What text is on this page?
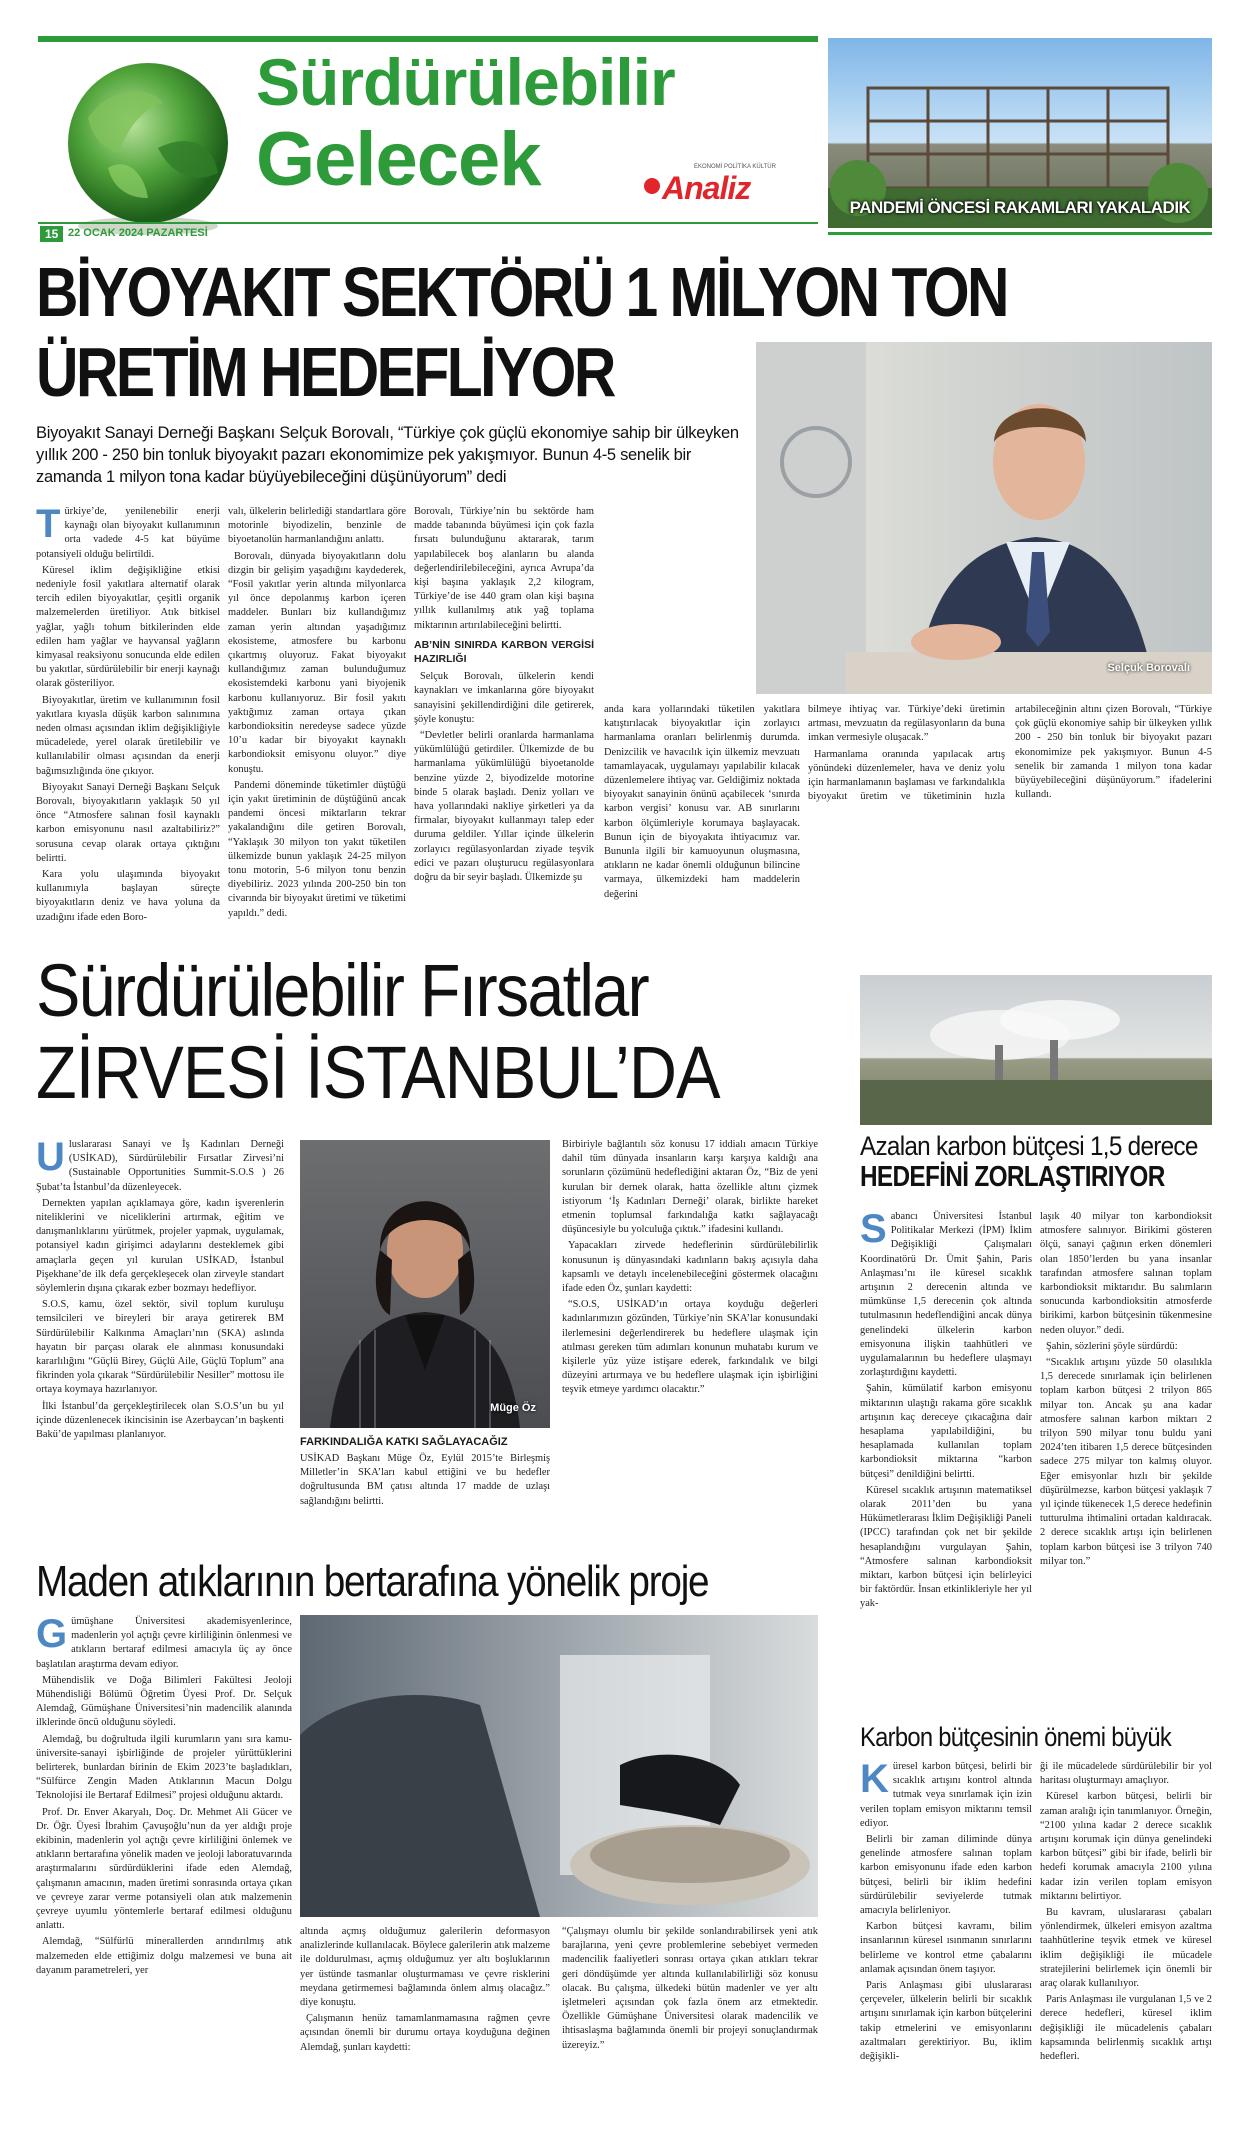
Sürdürülebilir
Gelecek	EKONOMİ POLİTİKA KÜLTÜR
Analiz
15 22 OCAK 2024 PAZARTESİ
PANDEMİ ÖNCESİ RAKAMLARI YAKALADIK
BİYOYAKIT SEKTÖRÜ 1 MİLYON TON
ÜRETİM HEDEFLİYOR
Biyoyakıt Sanayi Derneği Başkanı Selçuk Borovalı, “Türkiye çok güçlü ekonomiye sahip bir ülkeyken yıllık 200 - 250 bin tonluk biyoyakıt pazarı ekonomimize pek yakışmıyor. Bunun 4-5 senelik bir zamanda 1 milyon tona kadar büyüyebileceğini düşünüyorum” dedi
Selçuk Borovalı
T ürkiye’de, yenilenebilir enerji kaynağı olan biyoyakıt kullanımının orta vadede 4-5 kat büyüme potansiyeli olduğu belirtildi.

Küresel iklim değişikliğine etkisi nedeniyle fosil yakıtlara alternatif olarak tercih edilen biyoyakıtlar, çeşitli organik malzemelerden üretiliyor. Atık bitkisel yağlar, yağlı tohum bitkilerinden elde edilen ham yağlar ve hayvansal yağların kimyasal reaksiyonu sonucunda elde edilen bu yakıtlar, sürdürülebilir bir enerji kaynağı olarak gösteriliyor.

Biyoyakıtlar, üretim ve kullanımının fosil yakıtlara kıyasla düşük karbon salınımına neden olması açısından iklim değişikliğiyle mücadelede, yerel olarak üretilebilir ve kullanılabilir olması açısından da enerji bağımsızlığında öne çıkıyor.

Biyoyakıt Sanayi Derneği Başkanı Selçuk Borovalı, biyoyakıtların yaklaşık 50 yıl önce “Atmosfere salınan fosil kaynaklı karbon emisyonunu nasıl azaltabiliriz?” sorusuna cevap olarak ortaya çıktığını belirtti.

Kara yolu ulaşımında biyoyakıt kullanımıyla başlayan süreçte biyoyakıtların deniz ve hava yoluna da uzadığını ifade eden Boro-

valı, ülkelerin belirlediği standartlara göre motorinle biyodizelin, benzinle de biyoetanolün harmanlandığını anlattı.

Borovalı, dünyada biyoyakıtların dolu dizgin bir gelişim yaşadığını kaydederek, “Fosil yakıtlar yerin altında milyonlarca yıl önce depolanmış karbon içeren maddeler. Bunları biz kullandığımız zaman yerin altından yaşadığımız ekosisteme, atmosfere bu karbonu çıkartmış oluyoruz. Fakat biyoyakıt kullandığımız zaman bulunduğumuz ekosistemdeki karbonu yani biyojenik karbonu kullanıyoruz. Bir fosil yakıtı yaktığımız zaman ortaya çıkan karbondioksitin neredeyse sadece yüzde 10’u kadar bir biyoyakıt kaynaklı karbondioksit emisyonu oluyor.” diye konuştu.

Pandemi döneminde tüketimler düştüğü için yakıt üretiminin de düştüğünü ancak pandemi öncesi miktarların tekrar yakalandığını dile getiren Borovalı, “Yaklaşık 30 milyon ton yakıt tüketilen ülkemizde bunun yaklaşık 24-25 milyon tonu motorin, 5-6 milyon tonu benzin diyebiliriz. 2023 yılında 200-250 bin ton civarında bir biyoyakıt üretimi ve tüketimi yapıldı.” dedi.

Borovalı, Türkiye’nin bu sektörde ham madde tabanında büyümesi için çok fazla fırsatı bulunduğunu aktararak, tarım yapılabilecek boş alanların bu alanda değerlendirilebileceğini, ayrıca Avrupa’da kişi başına yaklaşık 2,2 kilogram, Türkiye’de ise 440 gram olan kişi başına yıllık kullanılmış atık yağ toplama miktarının artırılabileceğini belirtti.

AB’NİN SINIRDA KARBON VERGİSİ HAZIRLIĞI

Selçuk Borovalı, ülkelerin kendi kaynakları ve imkanlarına göre biyoyakıt sanayisini şekillendirdiğini dile getirerek, şöyle konuştu:

“Devletler belirli oranlarda harmanlama yükümlülüğü getirdiler. Ülkemizde de bu harmanlama yükümlülüğü biyoetanolde benzine yüzde 2, biyodizelde motorine binde 5 olarak başladı. Deniz yolları ve hava yollarındaki nakliye şirketleri ya da firmalar, biyoyakıt kullanmayı talep eder duruma geldiler. Yıllar içinde ülkelerin zorlayıcı regülasyonlardan ziyade teşvik edici ve pazarı oluşturucu regülasyonlara doğru da bir seyir başladı. Ülkemizde şu

anda kara yollarındaki tüketilen yakıtlara katıştırılacak biyoyakıtlar için zorlayıcı harmanlama oranları belirlenmiş durumda. Denizcilik ve havacılık için ülkemiz mevzuatı tamamlayacak, uygulamayı yapılabilir kılacak düzenlemelere ihtiyaç var. Geldiğimiz noktada biyoyakıt sanayinin önünü açabilecek ‘sınırda karbon vergisi’ konusu var. AB sınırlarını karbon ölçümleriyle korumaya başlayacak. Bunun için de biyoyakıta ihtiyacımız var. Bununla ilgili bir kamuoyunun oluşmasına, atıkların ne kadar önemli olduğunun bilincine varmaya, ülkemizdeki ham maddelerin değerini

bilmeye ihtiyaç var. Türkiye’deki üretimin artması, mevzuatın da regülasyonların da buna imkan vermesiyle oluşacak.”

Harmanlama oranında yapılacak artış yönündeki düzenlemeler, hava ve deniz yolu için harmanlamanın başlaması ve farkındalıkla biyoyakıt üretim ve tüketiminin hızla artabileceğinin altını çizen Borovalı, “Türkiye çok güçlü ekonomiye sahip bir ülkeyken yıllık 200 - 250 bin tonluk bir biyoyakıt pazarı ekonomimize pek yakışmıyor. Bunun 4-5 senelik bir zamanda 1 milyon tona kadar büyüyebileceğini düşünüyorum.” ifadelerini kullandı.

Sürdürülebilir Fırsatlar
ZİRVESİ İSTANBUL’DA
U luslararası Sanayi ve İş Kadınları Derneği (USİKAD), Sürdürülebilir Fırsatlar Zirvesi’ni (Sustainable Opportunities Summit-S.O.S ) 26 Şubat’ta İstanbul’da düzenleyecek.

Dernekten yapılan açıklamaya göre, kadın işverenlerin niteliklerini ve niceliklerini artırmak, eğitim ve danışmanlıklarını yürütmek, projeler yapmak, uygulamak, potansiyel kadın girişimci adaylarını desteklemek gibi amaçlarla geçen yıl kurulan USİKAD, İstanbul Pişekhane’de ilk defa gerçekleşecek olan zirveyle standart söylemlerin dışına çıkarak ezber bozmayı hedefliyor.

S.O.S, kamu, özel sektör, sivil toplum kuruluşu temsilcileri ve bireyleri bir araya getirerek BM Sürdürülebilir Kalkınma Amaçları’nın (SKA) aslında hayatın bir parçası olarak ele alınması konusundaki kararlılığını “Güçlü Birey, Güçlü Aile, Güçlü Toplum” ana fikrinden yola çıkarak “Sürdürülebilir Nesiller” mottosu ile ortaya koymaya hazırlanıyor.

İlki İstanbul’da gerçekleştirilecek olan S.O.S’un bu yıl içinde düzenlenecek ikincisinin ise Azerbaycan’ın başkenti Bakü’de yapılması planlanıyor.

Müge Öz
FARKINDALIĞA KATKI SAĞLAYACAĞIZ

USİKAD Başkanı Müge Öz, Eylül 2015’te Birleşmiş Milletler’in SKA’ları kabul ettiğini ve bu hedefler doğrultusunda BM çatısı altında 17 madde de uzlaşı sağlandığını belirtti.

Birbiriyle bağlantılı söz konusu 17 iddialı amacın Türkiye dahil tüm dünyada insanların karşı karşıya kaldığı ana sorunların çözümünü hedeflediğini aktaran Öz, “Biz de yeni kurulan bir dernek olarak, hatta özellikle altını çizmek istiyorum ‘İş Kadınları Derneği’ olarak, birlikte hareket etmenin toplumsal farkındalığa katkı sağlayacağı düşüncesiyle bu yolculuğa çıktık.” ifadesini kullandı.

Yapacakları zirvede hedeflerinin sürdürülebilirlik konusunun iş dünyasındaki kadınların bakış açısıyla daha kapsamlı ve detaylı incelenebileceğini göstermek olacağını ifade eden Öz, şunları kaydetti:

“S.O.S, USİKAD’ın ortaya koyduğu değerleri kadınlarımızın gözünden, Türkiye’nin SKA’lar konusundaki ilerlemesini değerlendirerek bu hedeflere ulaşmak için atılması gereken tüm adımları konunun muhatabı kurum ve kişilerle yüz yüze istişare ederek, farkındalık ve bilgi düzeyini artırmaya ve bu hedeflere ulaşmak için işbirliğini teşvik etmeye yardımcı olacaktır.”

Azalan karbon bütçesi 1,5 derece
HEDEFİNİ ZORLAŞTIRIYOR
S abancı Üniversitesi İstanbul Politikalar Merkezi (İPM) İklim Değişikliği Çalışmaları Koordinatörü Dr. Ümit Şahin, Paris Anlaşması’nı ile küresel sıcaklık artışının 2 derecenin altında ve mümkünse 1,5 derecenin çok altında tutulmasının hedeflendiğini ancak dünya genelindeki ülkelerin karbon emisyonuna ilişkin taahhütleri ve uygulamalarının bu hedeflere ulaşmayı zorlaştırdığını kaydetti.

Şahin, kümülatif karbon emisyonu miktarının ulaştığı rakama göre sıcaklık artışının kaç dereceye çıkacağına dair hesaplama yapılabildiğini, bu hesaplamada kullanılan toplam karbondioksit miktarına “karbon bütçesi” denildiğini belirtti.

Küresel sıcaklık artışının matematiksel olarak 2011’den bu yana Hükümetlerarası İklim Değişikliği Paneli (IPCC) tarafından çok net bir şekilde hesaplandığını vurgulayan Şahin, “Atmosfere salınan karbondioksit miktarı, karbon bütçesi için belirleyici bir faktördür. İnsan etkinlikleriyle her yıl yak-

laşık 40 milyar ton karbondioksit atmosfere salınıyor. Birikimi gösteren ölçü, sanayi çağının erken dönemleri olan 1850’lerden bu yana insanlar tarafından atmosfere salınan toplam karbondioksit miktarıdır. Bu salımların sonucunda karbondioksitin atmosferde birikimi, karbon bütçesinin tükenmesine neden oluyor.” dedi.

Şahin, sözlerini şöyle sürdürdü:

“Sıcaklık artışını yüzde 50 olasılıkla 1,5 derecede sınırlamak için belirlenen toplam karbon bütçesi 2 trilyon 865 milyar ton. Ancak şu ana kadar atmosfere salınan karbon miktarı 2 trilyon 590 milyar tonu buldu yani 2024’ten itibaren 1,5 derece bütçesinden sadece 275 milyar ton kalmış oluyor. Eğer emisyonlar hızlı bir şekilde düşürülmezse, karbon bütçesi yaklaşık 7 yıl içinde tükenecek 1,5 derece hedefinin tutturulma ihtimalini ortadan kaldıracak. 2 derece sıcaklık artışı için belirlenen toplam karbon bütçesi ise 3 trilyon 740 milyar ton.”

Maden atıklarının bertarafına yönelik proje
G ümüşhane Üniversitesi akademisyenlerince, madenlerin yol açtığı çevre kirliliğinin önlenmesi ve atıkların bertaraf edilmesi amacıyla üç ay önce başlatılan araştırma devam ediyor.

Mühendislik ve Doğa Bilimleri Fakültesi Jeoloji Mühendisliği Bölümü Öğretim Üyesi Prof. Dr. Selçuk Alemdağ, Gümüşhane Üniversitesi’nin madencilik alanında ilklerinde öncü olduğunu söyledi.

Alemdağ, bu doğrultuda ilgili kurumların yanı sıra kamu-üniversite-sanayi işbirliğinde de projeler yürüttüklerini belirterek, bunlardan birinin de Ekim 2023’te başladıkları, “Sülfürce Zengin Maden Atıklarının Macun Dolgu Teknolojisi ile Bertaraf Edilmesi” projesi olduğunu aktardı.

Prof. Dr. Enver Akaryalı, Doç. Dr. Mehmet Ali Gücer ve Dr. Öğr. Üyesi İbrahim Çavuşoğlu’nun da yer aldığı proje ekibinin, madenlerin yol açtığı çevre kirliliğini önlemek ve atıkların bertarafına yönelik maden ve jeoloji laboratuvarında araştırmalarını sürdürdüklerini ifade eden Alemdağ, çalışmanın amacının, maden üretimi sonrasında ortaya çıkan ve çevreye zarar verme potansiyeli olan atık malzemenin çevreye uyumlu yöntemlerle bertaraf edilmesi olduğunu anlattı.

Alemdağ, “Sülfürlü minerallerden arındırılmış atık malzemeden elde ettiğimiz dolgu malzemesi ve buna ait dayanım parametreleri, yer

altında açmış olduğumuz galerilerin deformasyon analizlerinde kullanılacak. Böylece galerilerin atık malzeme ile doldurulması, açmış olduğumuz yer altı boşluklarının yer üstünde tasmanlar oluşturmaması ve çevre risklerini meydana getirmemesi bağlamında önlem almış olacağız.” diye konuştu.

Çalışmanın henüz tamamlanmamasına rağmen çevre açısından önemli bir durumu ortaya koyduğuna değinen Alemdağ, şunları kaydetti:

“Çalışmayı olumlu bir şekilde sonlandırabilirsek yeni atık barajlarına, yeni çevre problemlerine sebebiyet vermeden madencilik faaliyetleri sonrası ortaya çıkan atıkları tekrar geri döndüşümde yer altında kullanılabilirliği söz konusu olacak. Bu çalışma, ülkedeki bütün madenler ve yer altı işletmeleri açısından çok fazla önem arz etmektedir. Özellikle Gümüşhane Üniversitesi olarak madencilik ve ihtisaslaşma bağlamında önemli bir projeyi sonuçlandırmak üzereyiz.”

Karbon bütçesinin önemi büyük
K üresel karbon bütçesi, belirli bir sıcaklık artışını kontrol altında tutmak veya sınırlamak için izin verilen toplam emisyon miktarını temsil ediyor.

Belirli bir zaman diliminde dünya genelinde atmosfere salınan toplam karbon emisyonunu ifade eden karbon bütçesi, belirli bir iklim hedefini sürdürülebilir seviyelerde tutmak amacıyla belirleniyor.

Karbon bütçesi kavramı, bilim insanlarının küresel ısınmanın sınırlarını belirleme ve kontrol etme çabalarını anlamak açısından önem taşıyor.

Paris Anlaşması gibi uluslararası çerçeveler, ülkelerin belirli bir sıcaklık artışını sınırlamak için karbon bütçelerini takip etmelerini ve emisyonlarını azaltmaları gerektiriyor. Bu, iklim değişikli-

ği ile mücadelede sürdürülebilir bir yol haritası oluşturmayı amaçlıyor.

Küresel karbon bütçesi, belirli bir zaman aralığı için tanımlanıyor. Örneğin, “2100 yılına kadar 2 derece sıcaklık artışını korumak için dünya genelindeki karbon bütçesi” gibi bir ifade, belirli bir hedefi korumak amacıyla 2100 yılına kadar izin verilen toplam emisyon miktarını belirtiyor.

Bu kavram, uluslararası çabaları yönlendirmek, ülkeleri emisyon azaltma taahhütlerine teşvik etmek ve küresel iklim değişikliği ile mücadele stratejilerini belirlemek için önemli bir araç olarak kullanılıyor.

Paris Anlaşması ile vurgulanan 1,5 ve 2 derece hedefleri, küresel iklim değişikliği ile mücadelenis çabaları kapsamında belirlenmiş sıcaklık artışı hedefleri.
